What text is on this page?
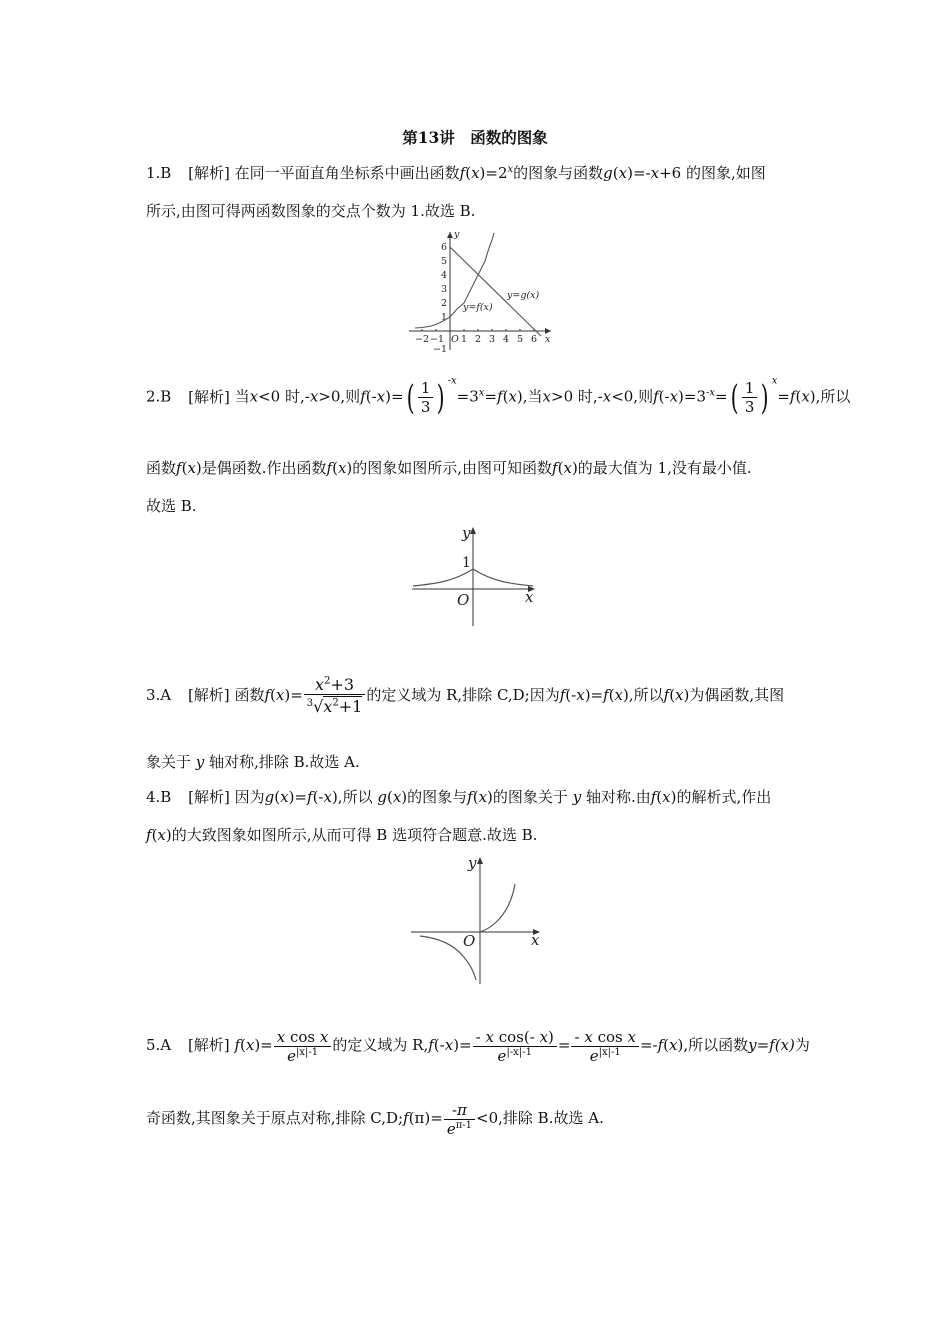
第13讲　函数的图象
1.B [解析] 在同一平面直角坐标系中画出函数$f(x)=2^x$的图象与函数g(x)=-x+6 的图象,如图
所示,由图可得两函数图象的交点个数为 1.故选 B.
−2 −1 O 1 2 3 4 5 6 x
y
6
5
4
3
2
1
−1
y=f(x)
y=g(x)
2.B [解析] 当x<0 时,-x>0,则$f(-x)=( \frac{1}{3}$ ) $^{-x}=3^x=f(x)$,当x>0 时,-x<0,则$f(-x)=3^{-x}=( \frac{1}{3}$ ) $^x$=f(x),所以
函数f(x)是偶函数.作出函数f(x)的图象如图所示,由图可知函数f(x)的最大值为 1,没有最小值.
故选 B.
y
x
O
1
3.A [解析] 函数$f(x)= \frac{x^2+3}{^3√x^2+1}$ 的定义域为 R,排除 C,D;因为f(-x)=f(x),所以f(x)为偶函数,其图
象关于 y 轴对称,排除 B.故选 A.
4.B [解析] 因为g(x)=f(-x),所以 g(x)的图象与f(x)的图象关于 y 轴对称.由f(x)的解析式,作出
f(x)的大致图象如图所示,从而可得 B 选项符合题意.故选 B.
y
x
O
5.A [解析] $f(x)= \frac{\text{x cos x}}{e^{|x|-1}}$ 的定义域为 $R,f(-x)= \frac{\text{- x cos(- x)}}{e^{|-x|-1}} = \frac{\text{- x cos x}}{e^{|x|-1}} =-f(x)$,所以函数y=f(x)为
奇函数,其图象关于原点对称,排除 C,D;f(π)= $\frac{-\pi}{e^{\pi-1}} <0$,排除 B.故选 A.
